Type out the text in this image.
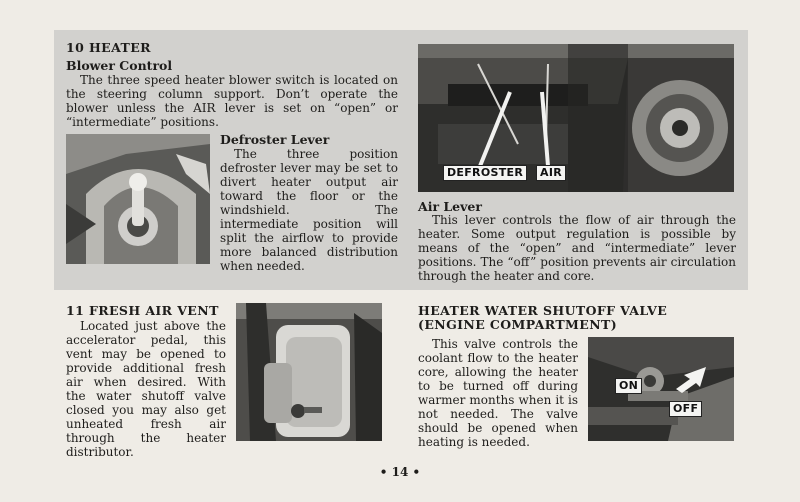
10 HEATER
Blower Control
The three speed heater blower switch is located on the steering column support. Don’t operate the blower unless the AIR lever is set on “open” or “intermediate” positions.
Defroster Lever
The three position defroster lever may be set to divert heater output air toward the floor or the windshield. The intermediate position will split the airflow to provide more balanced distribution when needed.
DEFROSTER	AIR
Air Lever
This lever controls the flow of air through the heater. Some output regulation is possible by means of the “open” and “intermediate” lever positions. The “off” position prevents air circulation through the heater and core.
11 FRESH AIR VENT
Located just above the accelerator pedal, this vent may be opened to provide additional fresh air when desired. With the water shutoff valve closed you may also get unheated fresh air through the heater distributor.
HEATER WATER SHUTOFF VALVE
(ENGINE COMPARTMENT)
This valve controls the coolant flow to the heater core, allowing the heater to be turned off during warmer months when it is not needed. The valve should be opened when heating is needed.
ON
OFF
• 14 •
